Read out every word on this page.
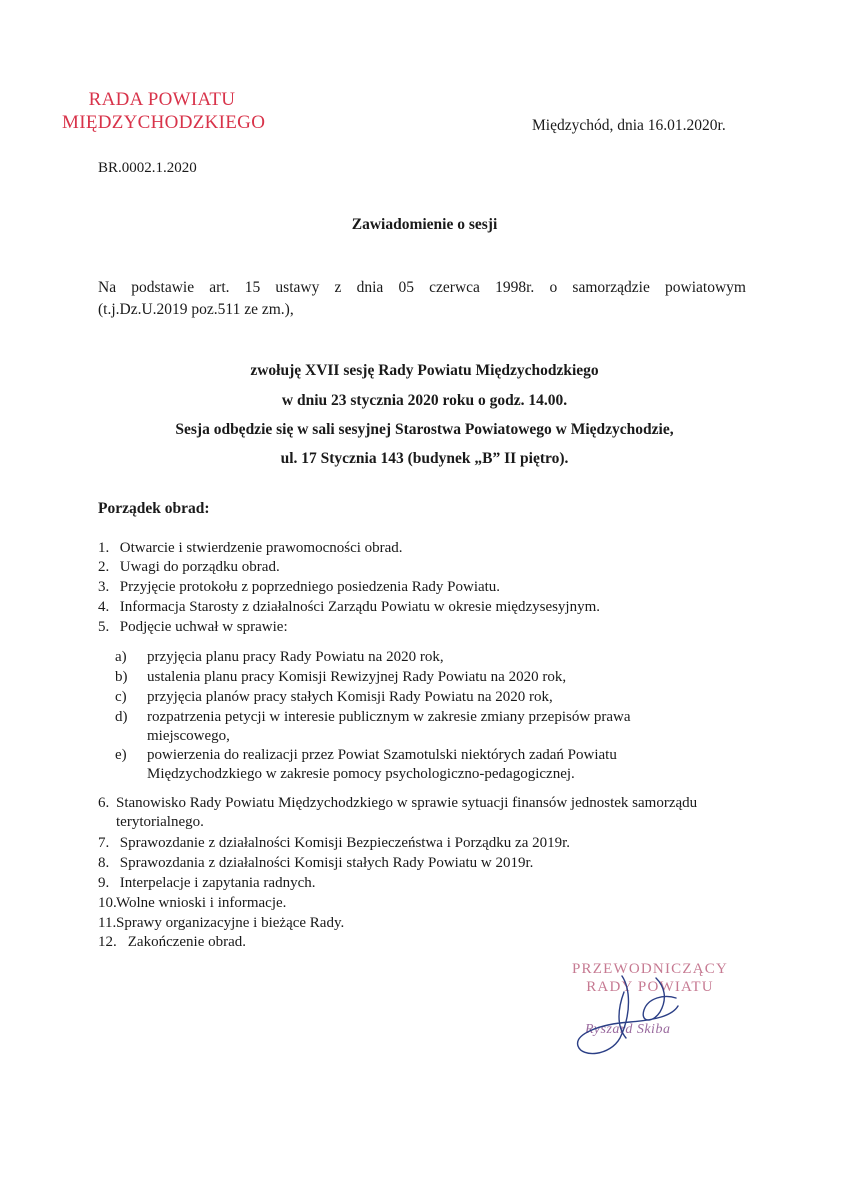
RADA POWIATU
MIĘDZYCHODZKIEGO	Międzychód, dnia 16.01.2020r.
BR.0002.1.2020
Zawiadomienie o sesji
Na podstawie art. 15 ustawy z dnia 05 czerwca 1998r. o samorządzie powiatowym
(t.j.Dz.U.2019 poz.511 ze zm.),
zwołuję XVII sesję Rady Powiatu Międzychodzkiego
w dniu 23 stycznia 2020 roku o godz. 14.00.
Sesja odbędzie się w sali sesyjnej Starostwa Powiatowego w Międzychodzie,
ul. 17 Stycznia 143 (budynek „B” II piętro).
Porządek obrad:
1. Otwarcie i stwierdzenie prawomocności obrad.
2. Uwagi do porządku obrad.
3. Przyjęcie protokołu z poprzedniego posiedzenia Rady Powiatu.
4. Informacja Starosty z działalności Zarządu Powiatu w okresie międzysesyjnym.
5. Podjęcie uchwał w sprawie:
a) przyjęcia planu pracy Rady Powiatu na 2020 rok,
b) ustalenia planu pracy Komisji Rewizyjnej Rady Powiatu na 2020 rok,
c) przyjęcia planów pracy stałych Komisji Rady Powiatu na 2020 rok,
d) rozpatrzenia petycji w interesie publicznym w zakresie zmiany przepisów prawa miejscowego,
e) powierzenia do realizacji przez Powiat Szamotulski niektórych zadań Powiatu Międzychodzkiego w zakresie pomocy psychologiczno-pedagogicznej.
6. Stanowisko Rady Powiatu Międzychodzkiego w sprawie sytuacji finansów jednostek samorządu terytorialnego.
7. Sprawozdanie z działalności Komisji Bezpieczeństwa i Porządku za 2019r.
8. Sprawozdania z działalności Komisji stałych Rady Powiatu w 2019r.
9. Interpelacje i zapytania radnych.
10.Wolne wnioski i informacje.
11.Sprawy organizacyjne i bieżące Rady.
12. Zakończenie obrad.
PRZEWODNICZĄCY
RADY POWIATU
Ryszard Skiba
